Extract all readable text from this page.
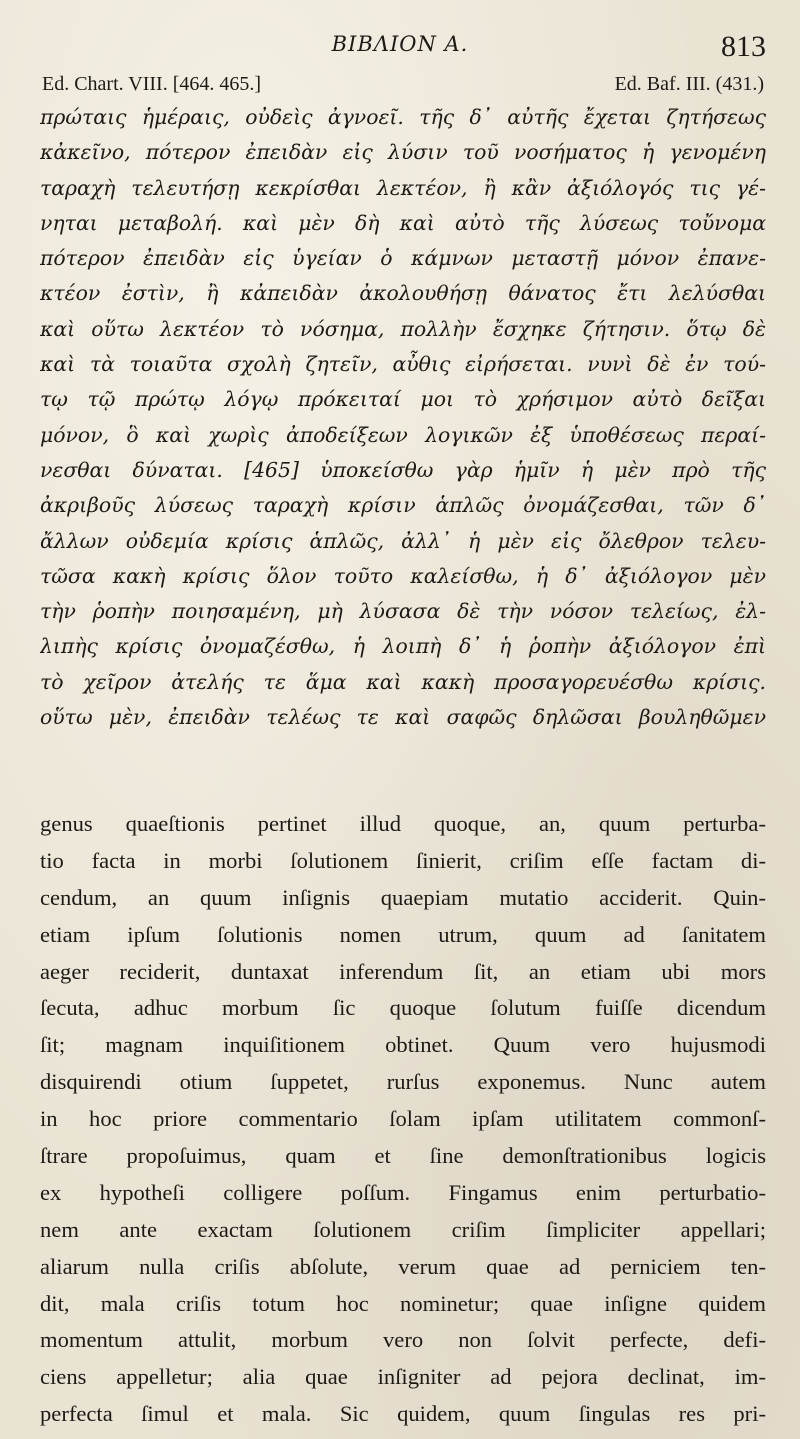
ΒΙΒΛΙΟΝ Α.	813
Ed. Chart. VIII. [464. 465.]	Ed. Baf. III. (431.)
πρώταις ἡμέραις, οὐδεὶς ἀγνοεῖ. τῆς δ᾽ αὐτῆς ἔχεται ζητήσεως
κἀκεῖνο, πότερον ἐπειδὰν εἰς λύσιν τοῦ νοσήματος ἡ γενομένη
ταραχὴ τελευτήσῃ κεκρίσθαι λεκτέον, ἢ κἂν ἀξιόλογός τις γέ-
νηται μεταβολή. καὶ μὲν δὴ καὶ αὐτὸ τῆς λύσεως τοὔνομα
πότερον ἐπειδὰν εἰς ὑγείαν ὁ κάμνων μεταστῇ μόνον ἐπανε-
κτέον ἐστὶν, ἢ κἀπειδὰν ἀκολουθήσῃ θάνατος ἔτι λελύσθαι
καὶ οὕτω λεκτέον τὸ νόσημα, πολλὴν ἔσχηκε ζήτησιν. ὅτῳ δὲ
καὶ τὰ τοιαῦτα σχολὴ ζητεῖν, αὖθις εἰρήσεται. νυνὶ δὲ ἐν τού-
τῳ τῷ πρώτῳ λόγῳ πρόκειταί μοι τὸ χρήσιμον αὐτὸ δεῖξαι
μόνον, ὃ καὶ χωρὶς ἀποδείξεων λογικῶν ἐξ ὑποθέσεως περαί-
νεσθαι δύναται. [465] ὑποκείσθω γὰρ ἡμῖν ἡ μὲν πρὸ τῆς
ἀκριβοῦς λύσεως ταραχὴ κρίσιν ἁπλῶς ὀνομάζεσθαι, τῶν δ᾽
ἄλλων οὐδεμία κρίσις ἁπλῶς, ἀλλ᾽ ἡ μὲν εἰς ὄλεθρον τελευ-
τῶσα κακὴ κρίσις ὅλον τοῦτο καλείσθω, ἡ δ᾽ ἀξιόλογον μὲν
τὴν ῥοπὴν ποιησαμένη, μὴ λύσασα δὲ τὴν νόσον τελείως, ἐλ-
λιπὴς κρίσις ὀνομαζέσθω, ἡ λοιπὴ δ᾽ ἡ ῥοπὴν ἀξιόλογον ἐπὶ
τὸ χεῖρον ἀτελής τε ἅμα καὶ κακὴ προσαγορευέσθω κρίσις.
οὕτω μὲν, ἐπειδὰν τελέως τε καὶ σαφῶς δηλῶσαι βουληθῶμεν
genus quaeſtionis pertinet illud quoque, an, quum perturba-
tio facta in morbi ſolutionem ſinierit, criſim eſſe factam di-
cendum, an quum inſignis quaepiam mutatio acciderit. Quin-
etiam ipſum ſolutionis nomen utrum, quum ad ſanitatem
aeger reciderit, duntaxat inferendum ſit, an etiam ubi mors
ſecuta, adhuc morbum ſic quoque ſolutum fuiſſe dicendum
ſit; magnam inquiſitionem obtinet. Quum vero hujusmodi
disquirendi otium ſuppetet, rurſus exponemus. Nunc autem
in hoc priore commentario ſolam ipſam utilitatem commonſ-
ſtrare propoſuimus, quam et ſine demonſtrationibus logicis
ex hypotheſi colligere poſſum. Fingamus enim perturbatio-
nem ante exactam ſolutionem criſim ſimpliciter appellari;
aliarum nulla criſis abſolute, verum quae ad perniciem ten-
dit, mala criſis totum hoc nominetur; quae inſigne quidem
momentum attulit, morbum vero non ſolvit perfecte, defi-
ciens appelletur; alia quae inſigniter ad pejora declinat, im-
perfecta ſimul et mala. Sic quidem, quum ſingulas res pri-
